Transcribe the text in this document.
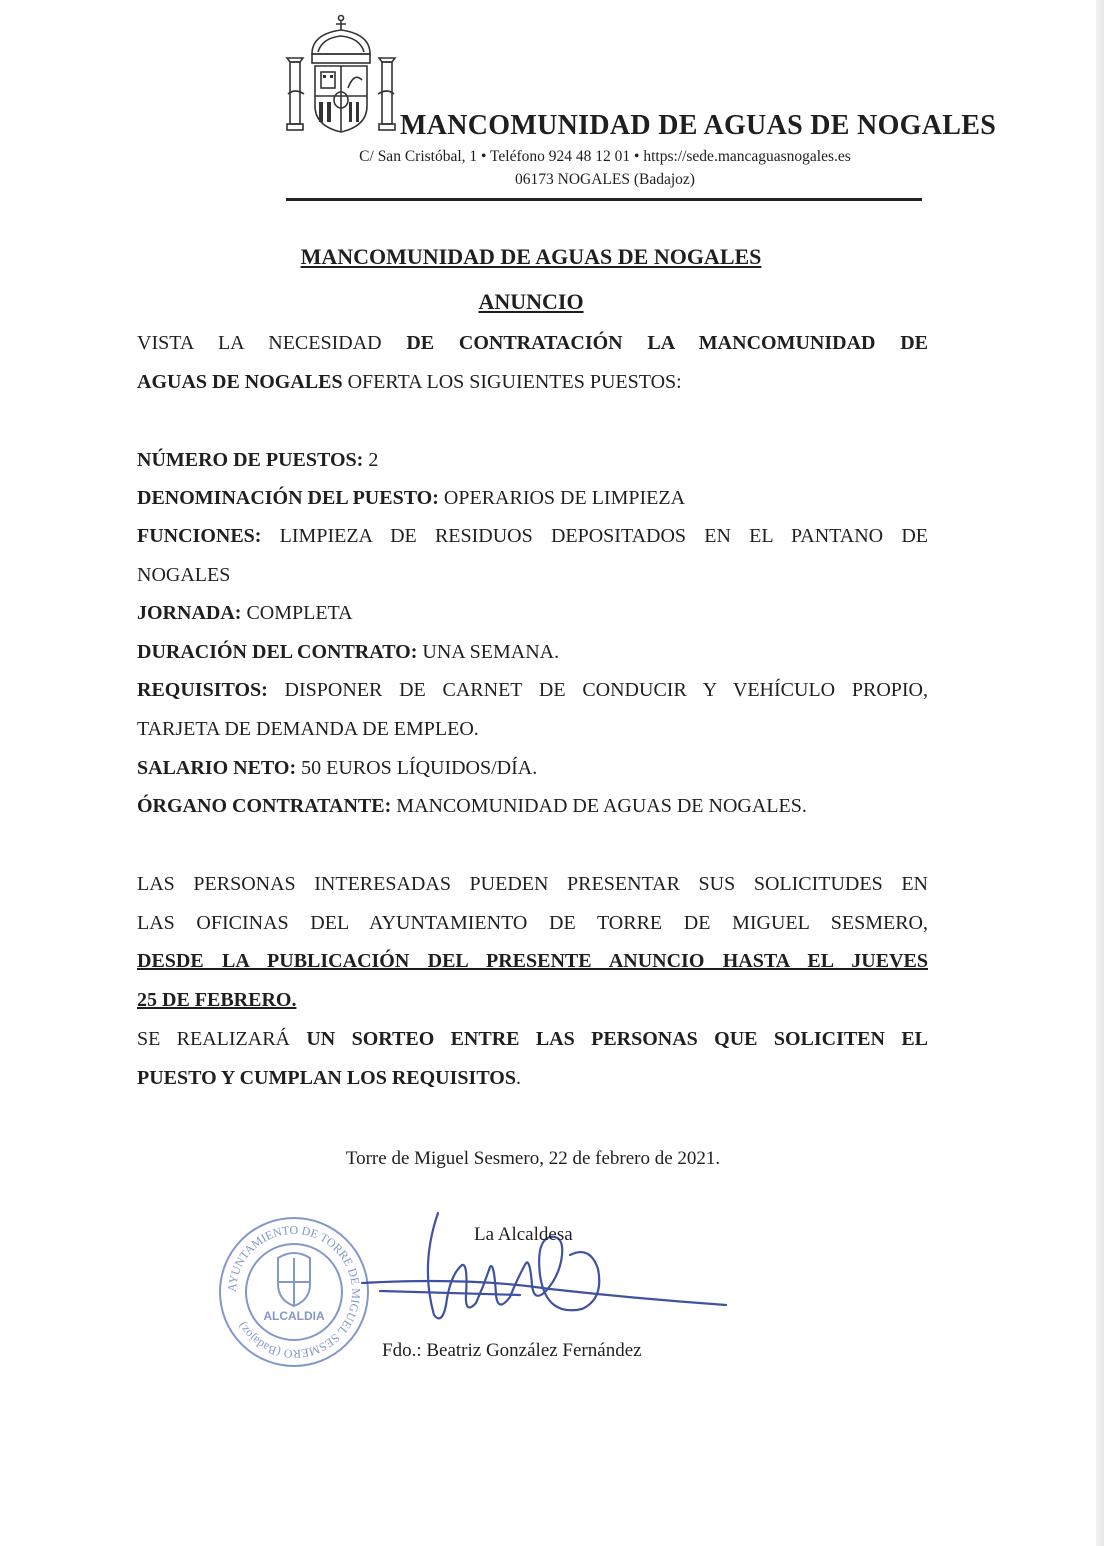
MANCOMUNIDAD DE AGUAS DE NOGALES
C/ San Cristóbal, 1 • Teléfono 924 48 12 01 • https://sede.mancaguasnogales.es
06173 NOGALES (Badajoz)
MANCOMUNIDAD DE AGUAS DE NOGALES
ANUNCIO
VISTA LA NECESIDAD DE CONTRATACIÓN LA MANCOMUNIDAD DE
AGUAS DE NOGALES OFERTA LOS SIGUIENTES PUESTOS:
NÚMERO DE PUESTOS: 2
DENOMINACIÓN DEL PUESTO: OPERARIOS DE LIMPIEZA
FUNCIONES: LIMPIEZA DE RESIDUOS DEPOSITADOS EN EL PANTANO DE
NOGALES
JORNADA: COMPLETA
DURACIÓN DEL CONTRATO: UNA SEMANA.
REQUISITOS: DISPONER DE CARNET DE CONDUCIR Y VEHÍCULO PROPIO,
TARJETA DE DEMANDA DE EMPLEO.
SALARIO NETO: 50 EUROS LÍQUIDOS/DÍA.
ÓRGANO CONTRATANTE: MANCOMUNIDAD DE AGUAS DE NOGALES.
LAS PERSONAS INTERESADAS PUEDEN PRESENTAR SUS SOLICITUDES EN
LAS OFICINAS DEL AYUNTAMIENTO DE TORRE DE MIGUEL SESMERO,
DESDE LA PUBLICACIÓN DEL PRESENTE ANUNCIO HASTA EL JUEVES
25 DE FEBRERO.
SE REALIZARÁ UN SORTEO ENTRE LAS PERSONAS QUE SOLICITEN EL
PUESTO Y CUMPLAN LOS REQUISITOS.
Torre de Miguel Sesmero, 22 de febrero de 2021.
AYUNTAMIENTO DE TORRE DE MIGUEL SESMERO (Badajoz)
ALCALDIA
La Alcaldesa
Fdo.: Beatriz González Fernández
